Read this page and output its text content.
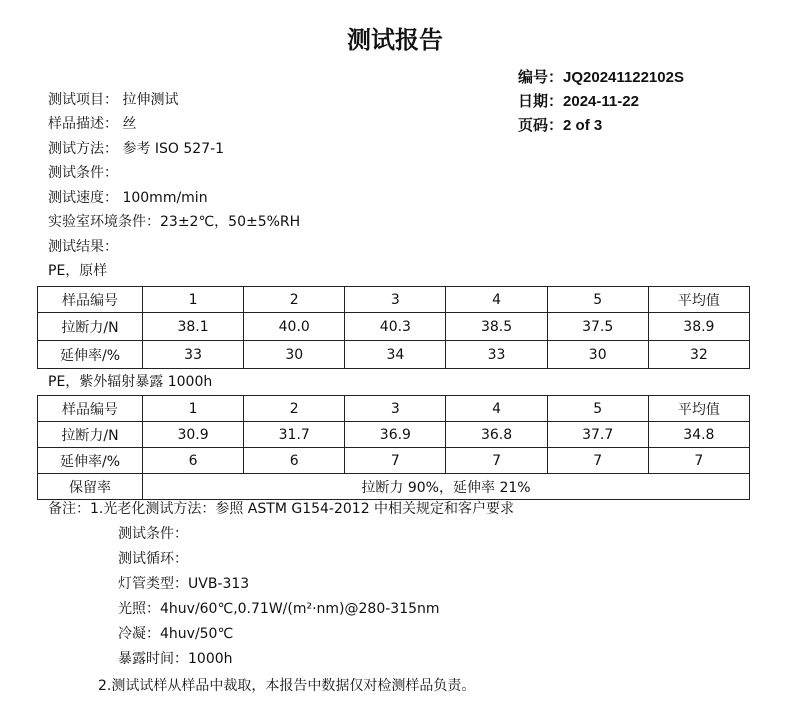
测试报告
编号：JQ20241122102S
日期：2024-11-22
页码：2 of 3
测试项目： 拉伸测试
样品描述： 丝
测试方法： 参考 ISO 527-1
测试条件：
测试速度： 100mm/min
实验室环境条件：23±2℃，50±5%RH
测试结果：
PE，原样
样品编号	1	2	3	4	5	平均值
拉断力/N	38.1	40.0	40.3	38.5	37.5	38.9
延伸率/%	33	30	34	33	30	32
PE，紫外辐射暴露 1000h
样品编号	1	2	3	4	5	平均值
拉断力/N	30.9	31.7	36.9	36.8	37.7	34.8
延伸率/%	6	6	7	7	7	7
保留率	拉断力 90%，延伸率 21%					
备注：1.光老化测试方法：参照 ASTM G154-2012 中相关规定和客户要求
测试条件：
测试循环：
灯管类型：UVB-313
光照：4huv/60℃,0.71W/(m²·nm)@280-315nm
冷凝：4huv/50℃
暴露时间：1000h
2.测试试样从样品中裁取，本报告中数据仅对检测样品负责。
